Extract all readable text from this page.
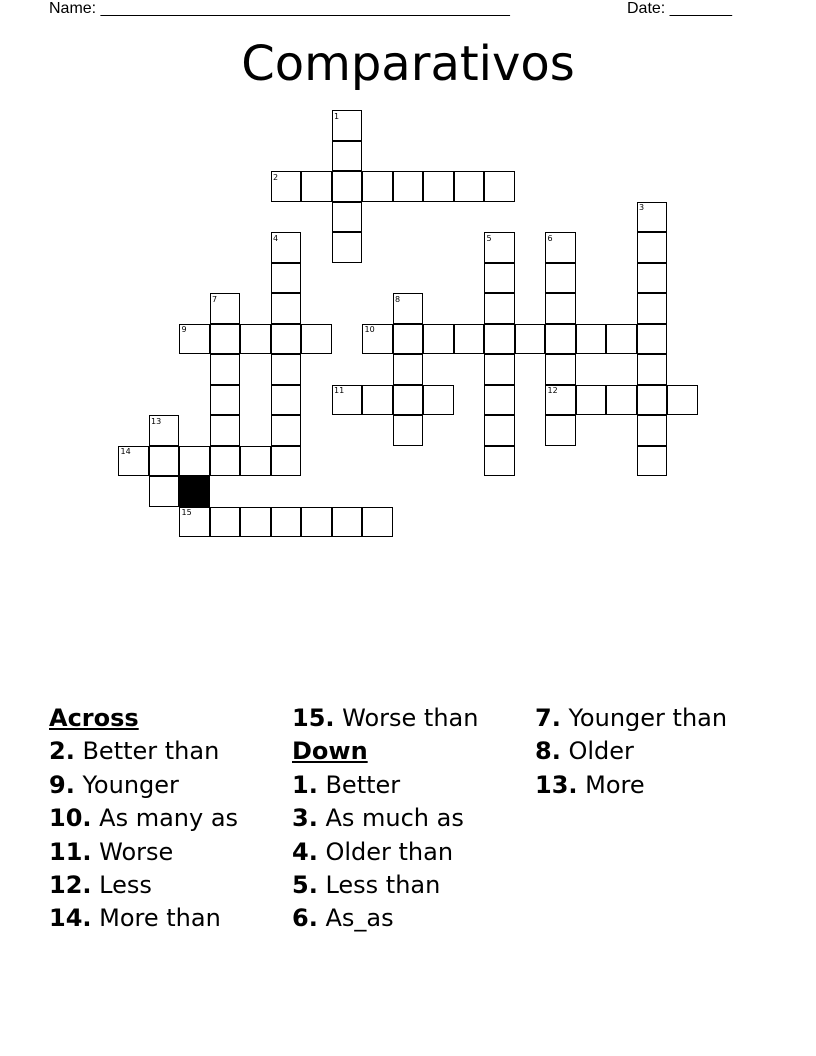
Name: ______________________________________________	Date: _______
Comparativos
1
2
3
4	5	6
7	8
9	10
11	12
13
14
15
Across
2. Better than
9. Younger
10. As many as
11. Worse
12. Less
14. More than
15. Worse than
Down
1. Better
3. As much as
4. Older than
5. Less than
6. As_as
7. Younger than
8. Older
13. More
